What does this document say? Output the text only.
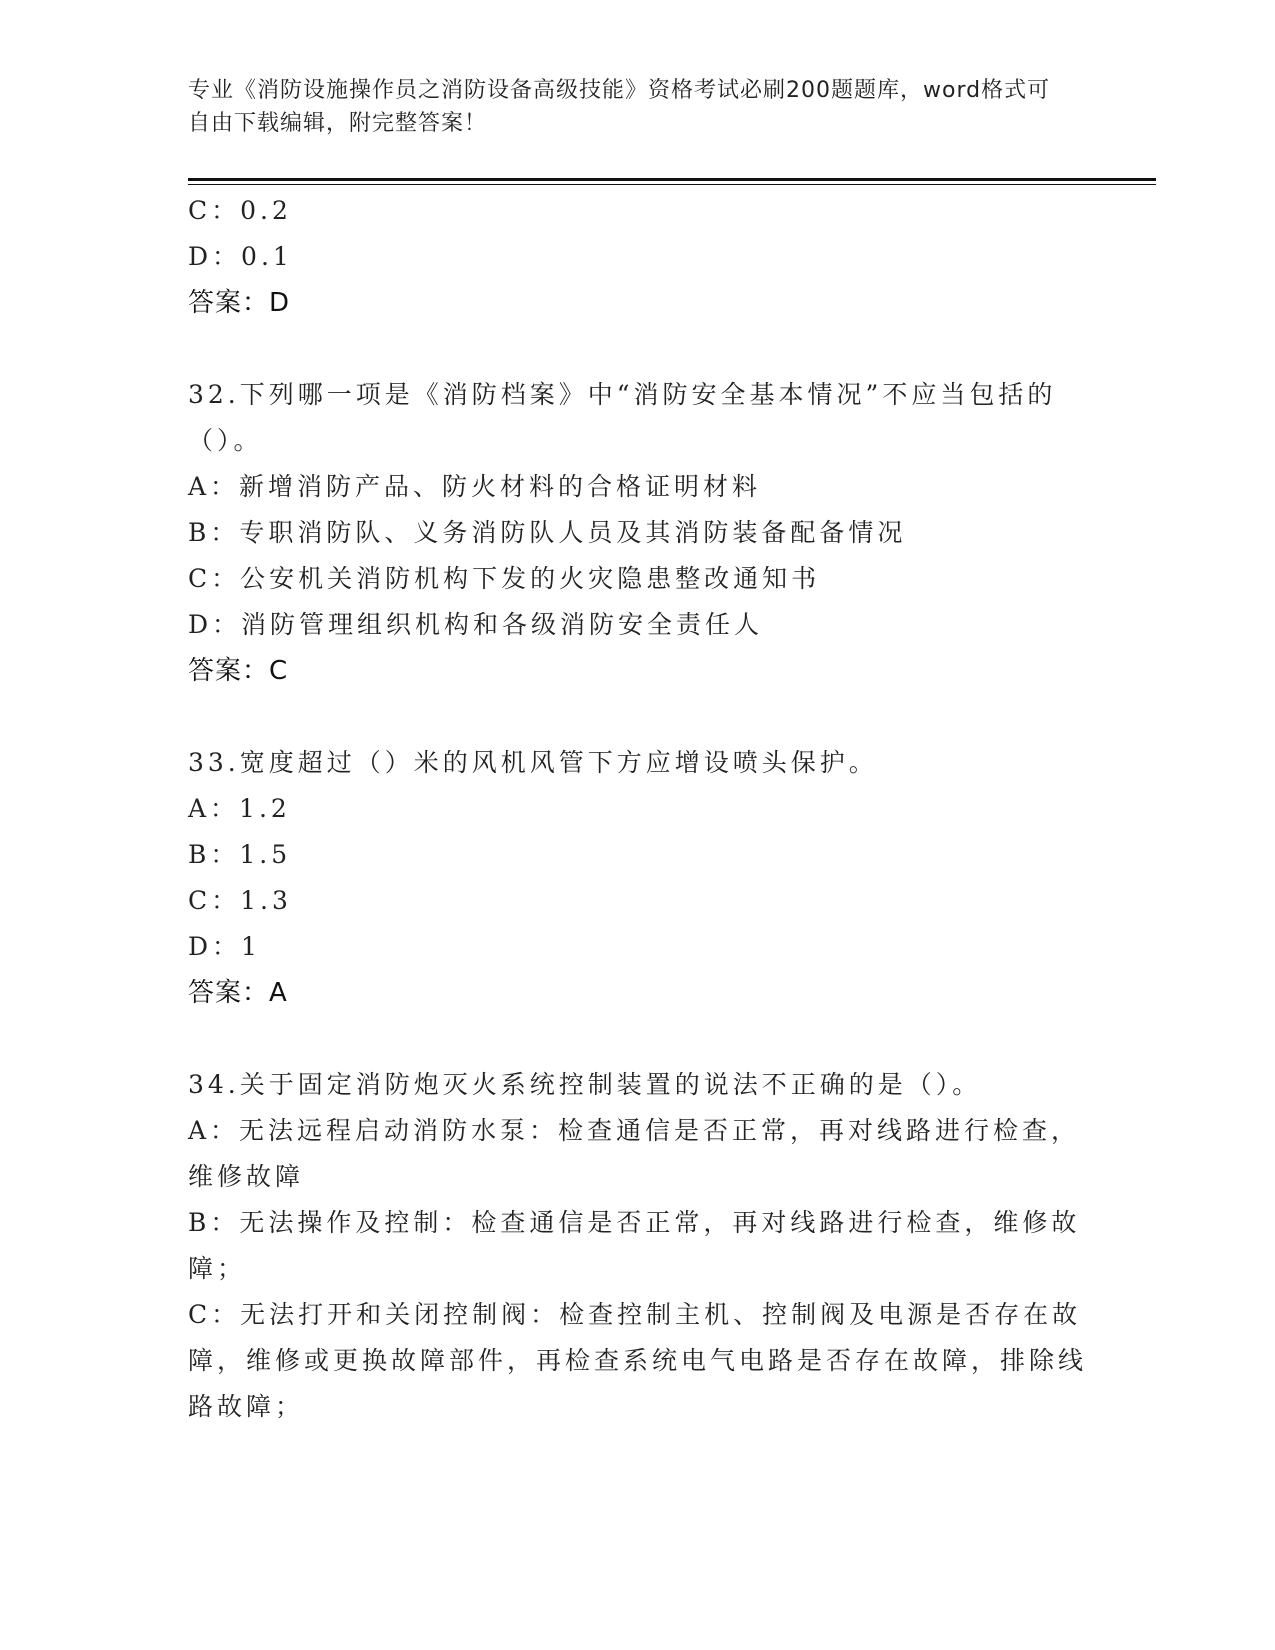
专业《消防设施操作员之消防设备高级技能》资格考试必刷200题题库，word格式可自由下载编辑，附完整答案！
C：0.2
D：0.1
答案：D
32.下列哪一项是《消防档案》中“消防安全基本情况”不应当包括的（）。
A：新增消防产品、防火材料的合格证明材料
B：专职消防队、义务消防队人员及其消防装备配备情况
C：公安机关消防机构下发的火灾隐患整改通知书
D：消防管理组织机构和各级消防安全责任人
答案：C
33.宽度超过（）米的风机风管下方应增设喷头保护。
A：1.2
B：1.5
C：1.3
D：1
答案：A
34.关于固定消防炮灭火系统控制装置的说法不正确的是（）。
A：无法远程启动消防水泵：检查通信是否正常，再对线路进行检查，维修故障
B：无法操作及控制：检查通信是否正常，再对线路进行检查，维修故障；
C：无法打开和关闭控制阀：检查控制主机、控制阀及电源是否存在故障，维修或更换故障部件，再检查系统电气电路是否存在故障，排除线路故障；
